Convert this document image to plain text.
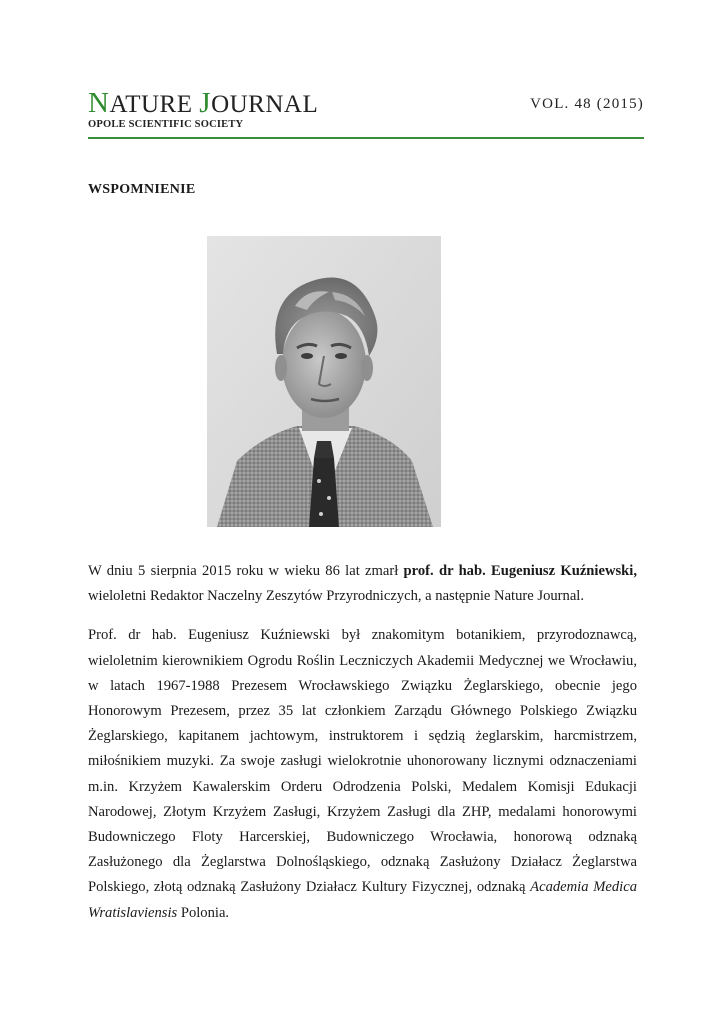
NATURE JOURNAL	VOL. 48 (2015)
OPOLE SCIENTIFIC SOCIETY
WSPOMNIENIE

W dniu 5 sierpnia 2015 roku w wieku 86 lat zmarł prof. dr hab. Eugeniusz Kuźniewski, wieloletni Redaktor Naczelny Zeszytów Przyrodniczych, a następnie Nature Journal.

Prof. dr hab. Eugeniusz Kuźniewski był znakomitym botanikiem, przyrodoznawcą, wieloletnim kierownikiem Ogrodu Roślin Leczniczych Akademii Medycznej we Wrocławiu, w latach 1967-1988 Prezesem Wrocławskiego Związku Żeglarskiego, obecnie jego Honorowym Prezesem, przez 35 lat członkiem Zarządu Głównego Polskiego Związku Żeglarskiego, kapitanem jachtowym, instruktorem i sędzią żeglarskim, harcmistrzem, miłośnikiem muzyki. Za swoje zasługi wielokrotnie uhonorowany licznymi odznaczeniami m.in. Krzyżem Kawalerskim Orderu Odrodzenia Polski, Medalem Komisji Edukacji Narodowej, Złotym Krzyżem Zasługi, Krzyżem Zasługi dla ZHP, medalami honorowymi Budowniczego Floty Harcerskiej, Budowniczego Wrocławia, honorową odznaką Zasłużonego dla Żeglarstwa Dolnośląskiego, odznaką Zasłużony Działacz Żeglarstwa Polskiego, złotą odznaką Zasłużony Działacz Kultury Fizycznej, odznaką Academia Medica Wratislaviensis Polonia.
